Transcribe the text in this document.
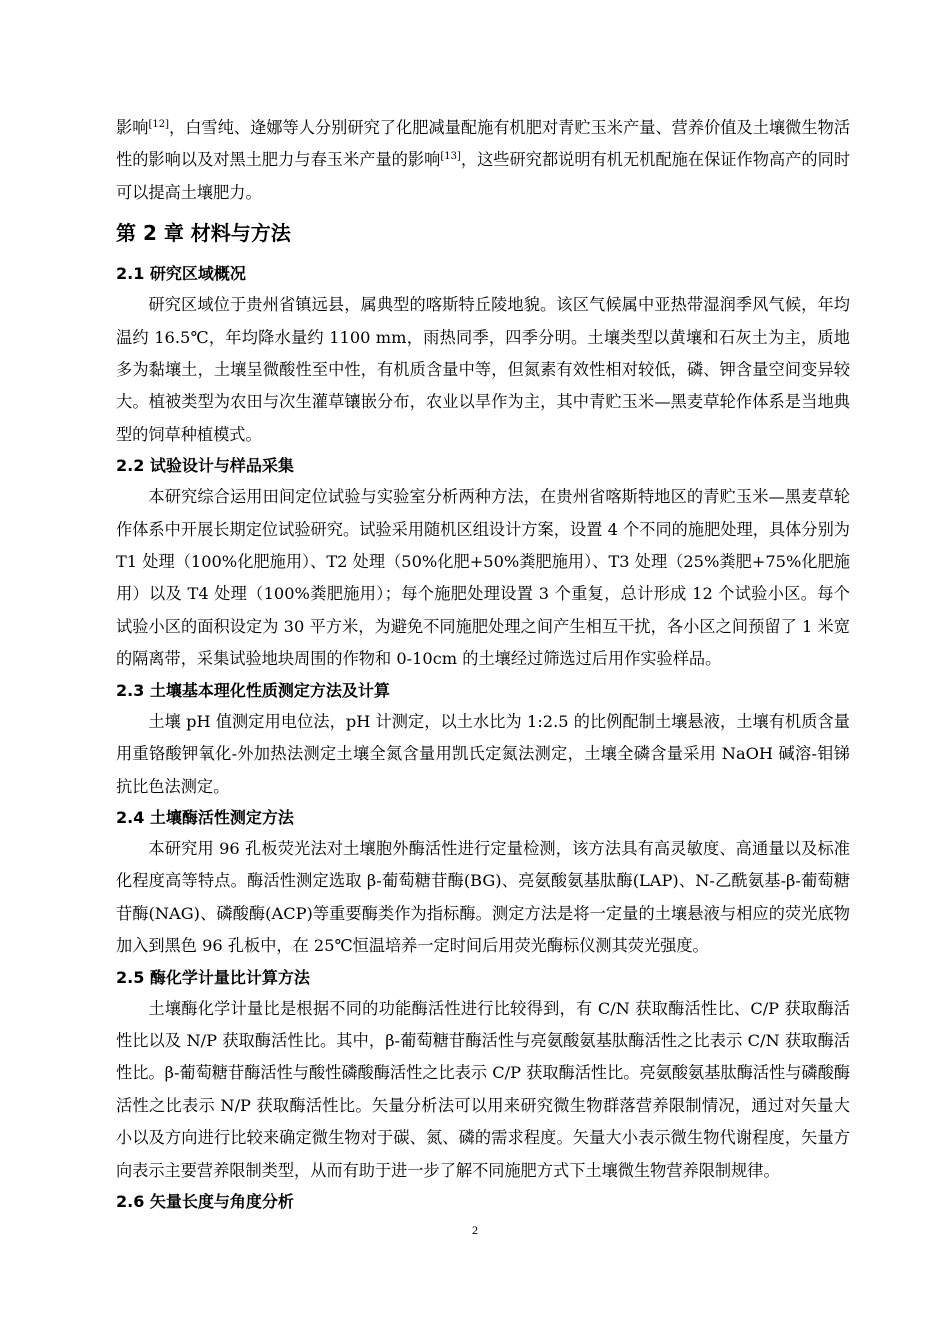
影响[12]，白雪纯、逄娜等人分别研究了化肥减量配施有机肥对青贮玉米产量、营养价值及土壤微生物活性的影响以及对黑土肥力与春玉米产量的影响[13]，这些研究都说明有机无机配施在保证作物高产的同时可以提高土壤肥力。

第 2 章 材料与方法
2.1 研究区域概况

研究区域位于贵州省镇远县，属典型的喀斯特丘陵地貌。该区气候属中亚热带湿润季风气候，年均温约 16.5℃，年均降水量约 1100 mm，雨热同季，四季分明。土壤类型以黄壤和石灰土为主，质地多为黏壤土，土壤呈微酸性至中性，有机质含量中等，但氮素有效性相对较低，磷、钾含量空间变异较大。植被类型为农田与次生灌草镶嵌分布，农业以旱作为主，其中青贮玉米—黑麦草轮作体系是当地典型的饲草种植模式。

2.2 试验设计与样品采集

本研究综合运用田间定位试验与实验室分析两种方法，在贵州省喀斯特地区的青贮玉米—黑麦草轮作体系中开展长期定位试验研究。试验采用随机区组设计方案，设置 4 个不同的施肥处理，具体分别为 T1 处理（100%化肥施用）、T2 处理（50%化肥+50%粪肥施用）、T3 处理（25%粪肥+75%化肥施用）以及 T4 处理（100%粪肥施用）；每个施肥处理设置 3 个重复，总计形成 12 个试验小区。每个试验小区的面积设定为 30 平方米，为避免不同施肥处理之间产生相互干扰，各小区之间预留了 1 米宽的隔离带，采集试验地块周围的作物和 0-10cm 的土壤经过筛选过后用作实验样品。

2.3 土壤基本理化性质测定方法及计算

土壤 pH 值测定用电位法，pH 计测定，以土水比为 1:2.5 的比例配制土壤悬液，土壤有机质含量用重铬酸钾氧化-外加热法测定土壤全氮含量用凯氏定氮法测定，土壤全磷含量采用 NaOH 碱溶-钼锑抗比色法测定。

2.4 土壤酶活性测定方法

本研究用 96 孔板荧光法对土壤胞外酶活性进行定量检测，该方法具有高灵敏度、高通量以及标准化程度高等特点。酶活性测定选取 β-葡萄糖苷酶(BG)、亮氨酸氨基肽酶(LAP)、N-乙酰氨基-β-葡萄糖苷酶(NAG)、磷酸酶(ACP)等重要酶类作为指标酶。测定方法是将一定量的土壤悬液与相应的荧光底物加入到黑色 96 孔板中，在 25℃恒温培养一定时间后用荧光酶标仪测其荧光强度。

2.5 酶化学计量比计算方法

土壤酶化学计量比是根据不同的功能酶活性进行比较得到，有 C/N 获取酶活性比、C/P 获取酶活性比以及 N/P 获取酶活性比。其中，β-葡萄糖苷酶活性与亮氨酸氨基肽酶活性之比表示 C/N 获取酶活性比。β-葡萄糖苷酶活性与酸性磷酸酶活性之比表示 C/P 获取酶活性比。亮氨酸氨基肽酶活性与磷酸酶活性之比表示 N/P 获取酶活性比。矢量分析法可以用来研究微生物群落营养限制情况，通过对矢量大小以及方向进行比较来确定微生物对于碳、氮、磷的需求程度。矢量大小表示微生物代谢程度，矢量方向表示主要营养限制类型，从而有助于进一步了解不同施肥方式下土壤微生物营养限制规律。

2.6 矢量长度与角度分析
2
